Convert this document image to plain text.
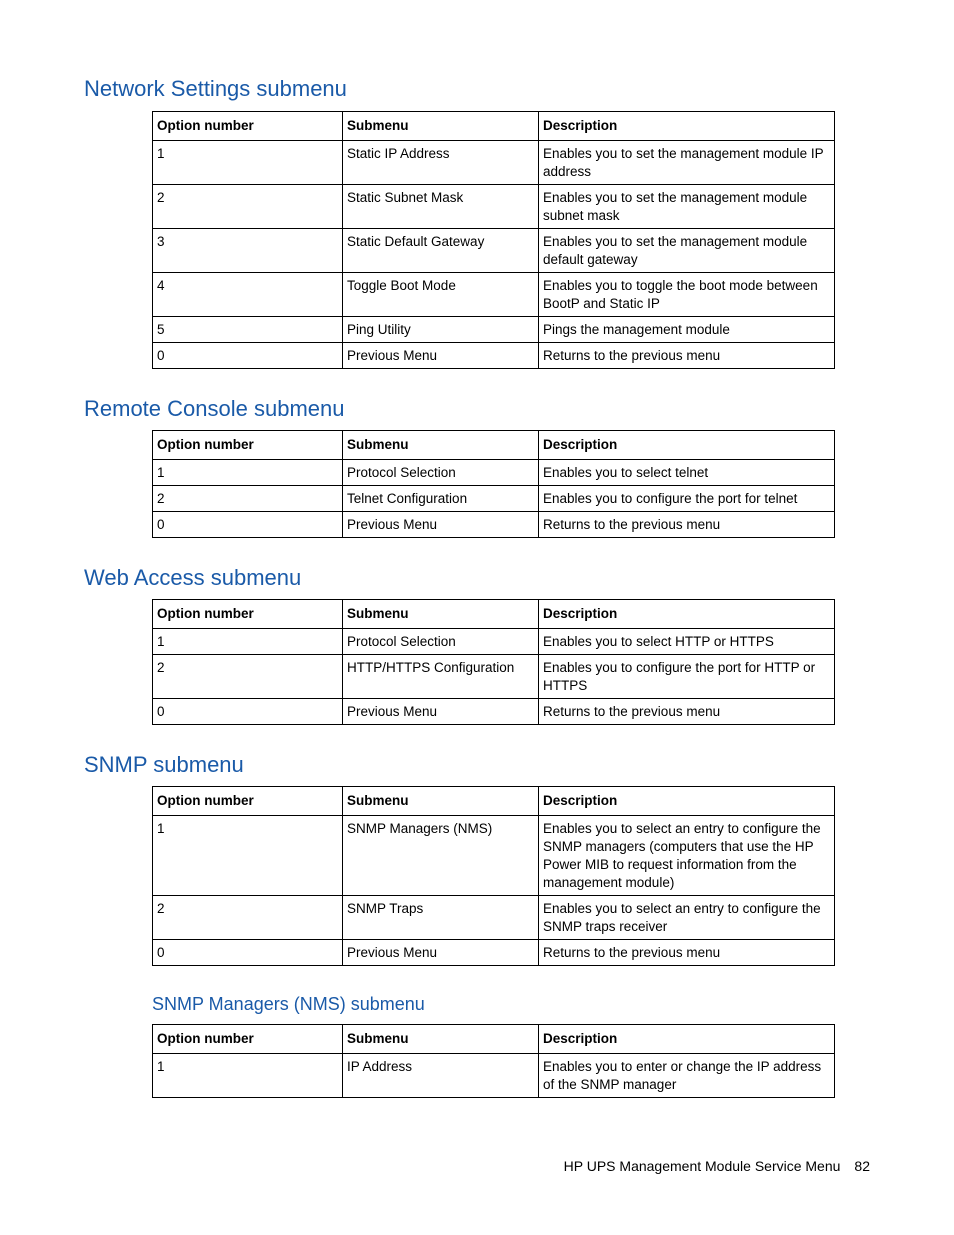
Network Settings submenu
Option number	Submenu	Description
1	Static IP Address	Enables you to set the management module IP address
2	Static Subnet Mask	Enables you to set the management module subnet mask
3	Static Default Gateway	Enables you to set the management module default gateway
4	Toggle Boot Mode	Enables you to toggle the boot mode between BootP and Static IP
5	Ping Utility	Pings the management module
0	Previous Menu	Returns to the previous menu
Remote Console submenu
Option number	Submenu	Description
1	Protocol Selection	Enables you to select telnet
2	Telnet Configuration	Enables you to configure the port for telnet
0	Previous Menu	Returns to the previous menu
Web Access submenu
Option number	Submenu	Description
1	Protocol Selection	Enables you to select HTTP or HTTPS
2	HTTP/HTTPS Configuration	Enables you to configure the port for HTTP or HTTPS
0	Previous Menu	Returns to the previous menu
SNMP submenu
Option number	Submenu	Description
1	SNMP Managers (NMS)	Enables you to select an entry to configure the SNMP managers (computers that use the HP Power MIB to request information from the management module)
2	SNMP Traps	Enables you to select an entry to configure the SNMP traps receiver
0	Previous Menu	Returns to the previous menu
SNMP Managers (NMS) submenu
Option number	Submenu	Description
1	IP Address	Enables you to enter or change the IP address of the SNMP manager
HP UPS Management Module Service Menu 82
